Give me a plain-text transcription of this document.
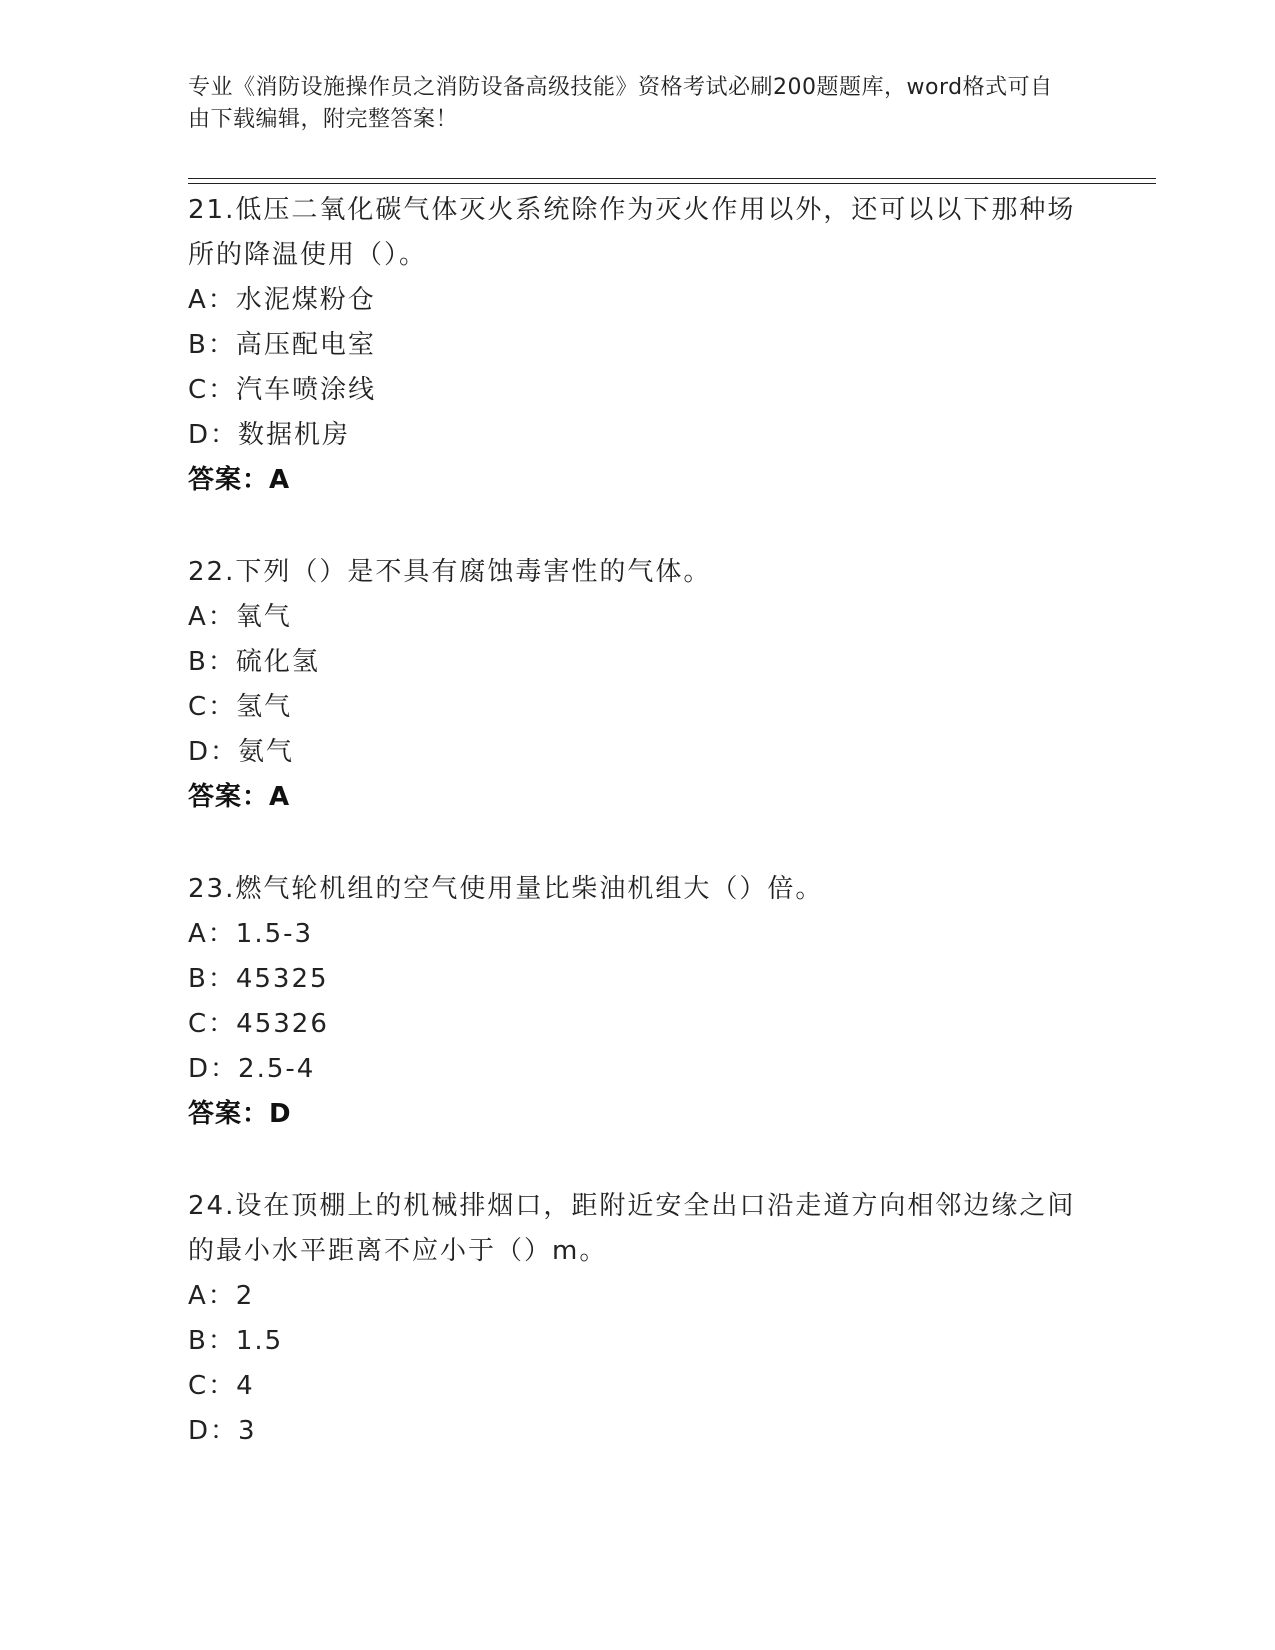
专业《消防设施操作员之消防设备高级技能》资格考试必刷200题题库，word格式可自由下载编辑，附完整答案！
21.低压二氧化碳气体灭火系统除作为灭火作用以外，还可以以下那种场所的降温使用（）。
A：水泥煤粉仓
B：高压配电室
C：汽车喷涂线
D：数据机房
答案：A
22.下列（）是不具有腐蚀毒害性的气体。
A：氧气
B：硫化氢
C：氢气
D：氨气
答案：A
23.燃气轮机组的空气使用量比柴油机组大（）倍。
A：1.5-3
B：45325
C：45326
D：2.5-4
答案：D
24.设在顶棚上的机械排烟口，距附近安全出口沿走道方向相邻边缘之间的最小水平距离不应小于（）m。
A：2
B：1.5
C：4
D：3
